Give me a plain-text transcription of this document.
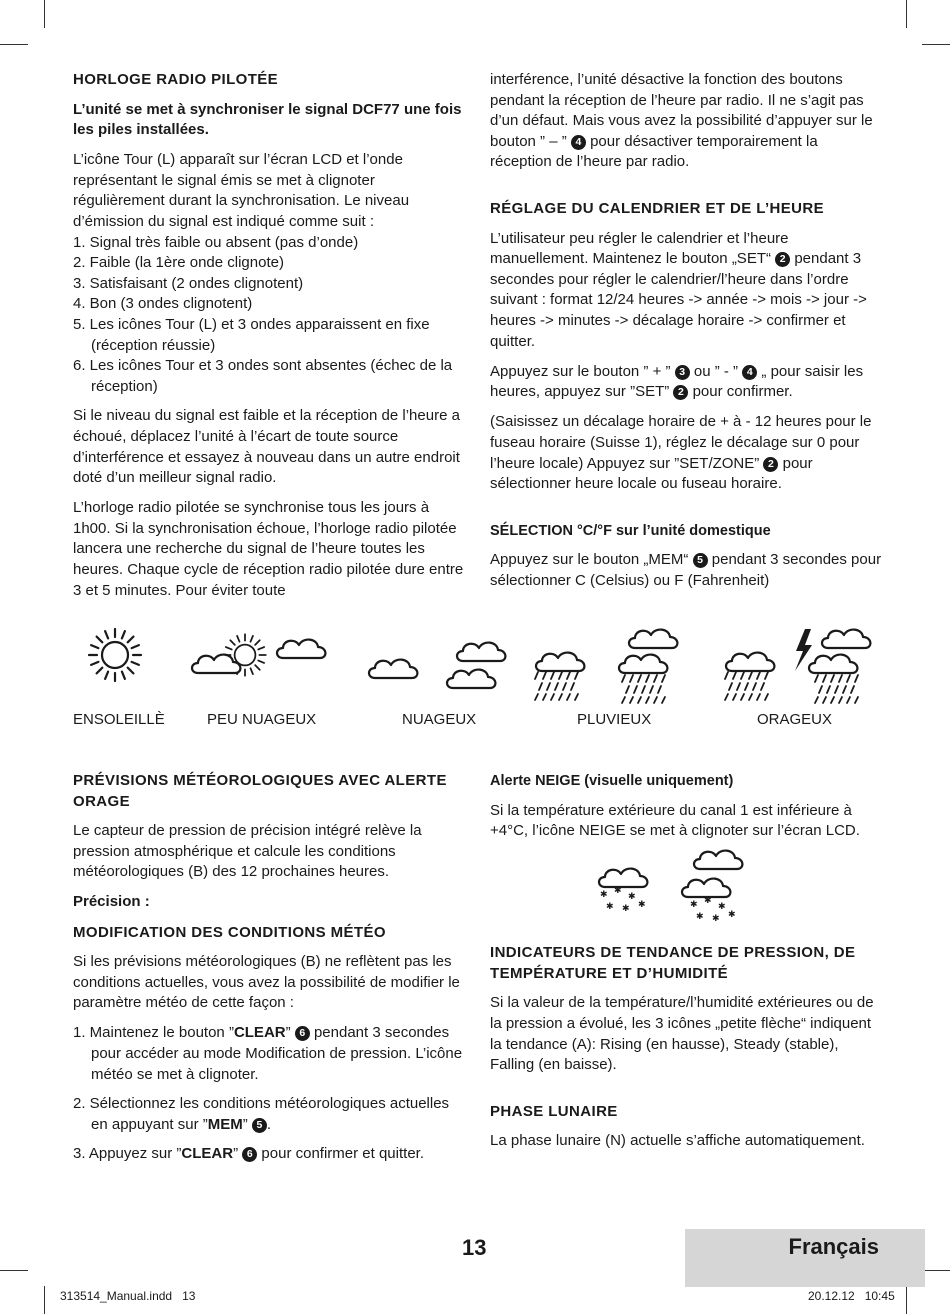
HORLOGE RADIO PILOTÉE

L’unité se met à synchroniser le signal DCF77 une fois les piles installées.

L’icône Tour (L) apparaît sur l’écran LCD et l’onde représentant le signal émis se met à clignoter régulièrement durant la synchronisation. Le niveau d’émission du signal est indiqué comme suit :

1. Signal très faible ou absent (pas d’onde)
2. Faible (la 1ère onde clignote)
3. Satisfaisant (2 ondes clignotent)
4. Bon (3 ondes clignotent)
5. Les icônes Tour (L) et 3 ondes apparaissent en fixe (réception réussie)
6. Les icônes Tour et 3 ondes sont absentes (échec de la réception)

Si le niveau du signal est faible et la réception de l’heure a échoué, déplacez l’unité à l’écart de toute source d’interférence et essayez à nouveau dans un autre endroit doté d’un meilleur signal radio.

L’horloge radio pilotée se synchronise tous les jours à 1h00. Si la synchronisation échoue, l’horloge radio pilotée lancera une recherche du signal de l’heure toutes les heures. Chaque cycle de réception radio pilotée dure entre 3 et 5 minutes. Pour éviter toute

interférence, l’unité désactive la fonction des boutons pendant la réception de l’heure par radio. Il ne s’agit pas d’un défaut. Mais vous avez la possibilité d’appuyer sur le bouton ” – ” 4 pour désactiver temporairement la réception de l’heure par radio.

RÉGLAGE DU CALENDRIER ET DE L’HEURE

L’utilisateur peu régler le calendrier et l’heure manuellement. Maintenez le bouton „SET“ 2 pendant 3 secondes pour régler le calendrier/l’heure dans l’ordre suivant : format 12/24 heures -> année -> mois -> jour -> heures -> minutes -> décalage horaire -> confirmer et quitter.

Appuyez sur le bouton ” + ” 3 ou ” - ” 4 „ pour saisir les heures, appuyez sur ”SET” 2 pour confirmer.

(Saisissez un décalage horaire de + à - 12 heures pour le fuseau horaire (Suisse 1), réglez le décalage sur 0 pour l’heure locale) Appuyez sur ”SET/ZONE” 2 pour sélectionner heure locale ou fuseau horaire.

SÉLECTION °C/°F sur l’unité domestique

Appuyez sur le bouton „MEM“ 5 pendant 3 secondes pour sélectionner C (Celsius) ou F (Fahrenheit)

ENSOLEILLÈ	PEU NUAGEUX	NUAGEUX	PLUVIEUX	ORAGEUX
PRÉVISIONS MÉTÉOROLOGIQUES AVEC ALERTE ORAGE

Le capteur de pression de précision intégré relève la pression atmosphérique et calcule les conditions météorologiques (B) des 12 prochaines heures.

Précision :

MODIFICATION DES CONDITIONS MÉTÉO

Si les prévisions météorologiques (B) ne reflètent pas les conditions actuelles, vous avez la possibilité de modifier le paramètre météo de cette façon :

1. Maintenez le bouton ”CLEAR” 6 pendant 3 secondes pour accéder au mode Modification de pression. L’icône météo se met à clignoter.
2. Sélectionnez les conditions météorologiques actuelles en appuyant sur ”MEM” 5 .
3. Appuyez sur ”CLEAR” 6 pour confirmer et quitter.
Alerte NEIGE (visuelle uniquement)

Si la température extérieure du canal 1 est inférieure à +4°C, l’icône NEIGE se met à clignoter sur l’écran LCD.

INDICATEURS DE TENDANCE DE PRESSION, DE TEMPÉRATURE ET D’HUMIDITÉ

Si la valeur de la température/l’humidité extérieures ou de la pression a évolué, les 3 icônes „petite flèche“ indiquent la tendance (A): Rising (en hausse), Steady (stable), Falling (en baisse).

PHASE LUNAIRE

La phase lunaire (N) actuelle s’affiche automatiquement.

13	Français
313514_Manual.indd   13	20.12.12   10:45
